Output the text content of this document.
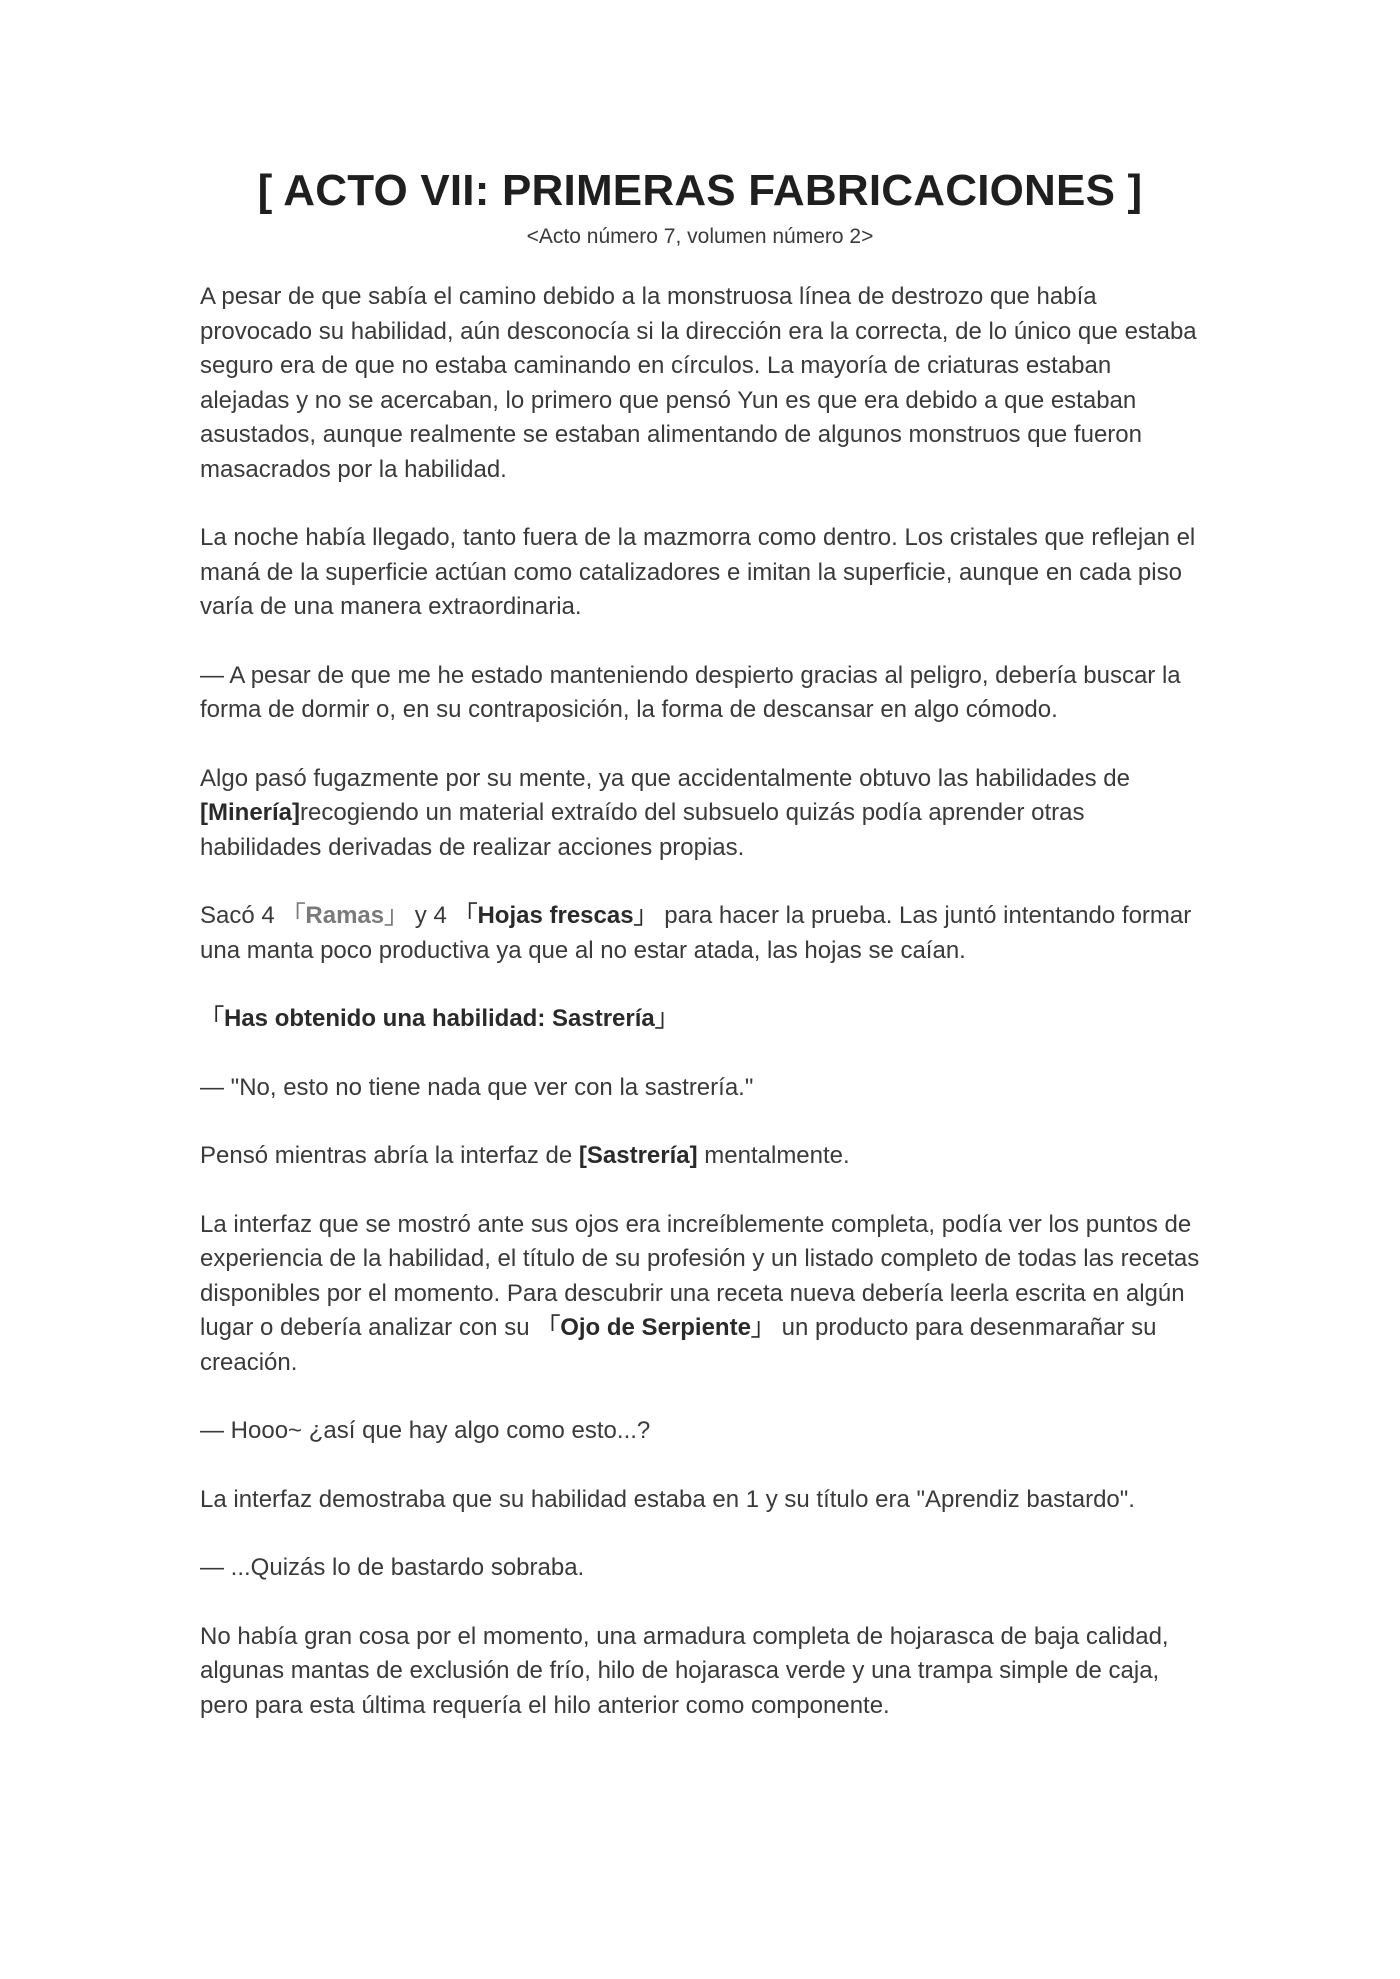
[ ACTO VII: PRIMERAS FABRICACIONES ]

<Acto número 7, volumen número 2>

A pesar de que sabía el camino debido a la monstruosa línea de destrozo que había provocado su habilidad, aún desconocía si la dirección era la correcta, de lo único que estaba seguro era de que no estaba caminando en círculos. La mayoría de criaturas estaban alejadas y no se acercaban, lo primero que pensó Yun es que era debido a que estaban asustados, aunque realmente se estaban alimentando de algunos monstruos que fueron masacrados por la habilidad.

La noche había llegado, tanto fuera de la mazmorra como dentro. Los cristales que reflejan el maná de la superficie actúan como catalizadores e imitan la superficie, aunque en cada piso varía de una manera extraordinaria.

— A pesar de que me he estado manteniendo despierto gracias al peligro, debería buscar la forma de dormir o, en su contraposición, la forma de descansar en algo cómodo.

Algo pasó fugazmente por su mente, ya que accidentalmente obtuvo las habilidades de [Minería]recogiendo un material extraído del subsuelo quizás podía aprender otras habilidades derivadas de realizar acciones propias.

Sacó 4 「Ramas」 y 4 「Hojas frescas」 para hacer la prueba. Las juntó intentando formar una manta poco productiva ya que al no estar atada, las hojas se caían.

「Has obtenido una habilidad: Sastrería」

— "No, esto no tiene nada que ver con la sastrería."

Pensó mientras abría la interfaz de [Sastrería] mentalmente.

La interfaz que se mostró ante sus ojos era increíblemente completa, podía ver los puntos de experiencia de la habilidad, el título de su profesión y un listado completo de todas las recetas disponibles por el momento. Para descubrir una receta nueva debería leerla escrita en algún lugar o debería analizar con su 「Ojo de Serpiente」 un producto para desenmarañar su creación.

— Hooo~ ¿así que hay algo como esto...?

La interfaz demostraba que su habilidad estaba en 1 y su título era "Aprendiz bastardo".

— ...Quizás lo de bastardo sobraba.

No había gran cosa por el momento, una armadura completa de hojarasca de baja calidad, algunas mantas de exclusión de frío, hilo de hojarasca verde y una trampa simple de caja, pero para esta última requería el hilo anterior como componente.
